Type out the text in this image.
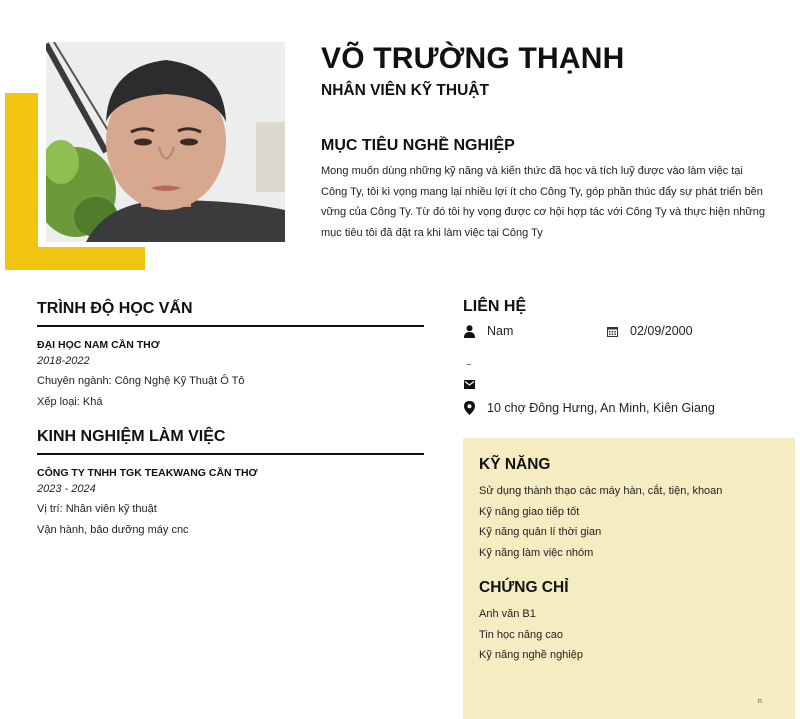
VÕ TRƯỜNG THẠNH
NHÂN VIÊN KỸ THUẬT
MỤC TIÊU NGHỀ NGHIỆP
Mong muốn dùng những kỹ năng và kiến thức đã học và tích luỹ được vào làm việc tại Công Ty, tôi kì vọng mang lại nhiều lợi ít cho Công Ty, góp phần thúc đẩy sự phát triển bền vững của Công Ty. Từ đó tôi hy vọng được cơ hội hợp tác với Công Ty và thực hiện những mục tiêu tôi đã đặt ra khi làm việc tại Công Ty
TRÌNH ĐỘ HỌC VẤN
ĐẠI HỌC NAM CẦN THƠ
2018-2022
Chuyên ngành: Công Nghệ Kỹ Thuật Ô Tô
Xếp loại: Khá
KINH NGHIỆM LÀM VIỆC
CÔNG TY TNHH TGK TEAKWANG CẦN THƠ
2023 - 2024
Vị trí: Nhân viên kỹ thuật
Vận hành, bảo dưỡng máy cnc
LIÊN HỆ
Nam	02/09/2000
10 chợ Đông Hưng, An Minh, Kiên Giang
KỸ NĂNG
Sử dụng thành thạo các máy hàn, cắt, tiện, khoan
Kỹ năng giao tiếp tốt
Kỹ năng quản lí thời gian
Kỹ năng làm việc nhóm
CHỨNG CHỈ
Anh văn B1
Tin học nâng cao
Kỹ năng nghề nghiệp
n
